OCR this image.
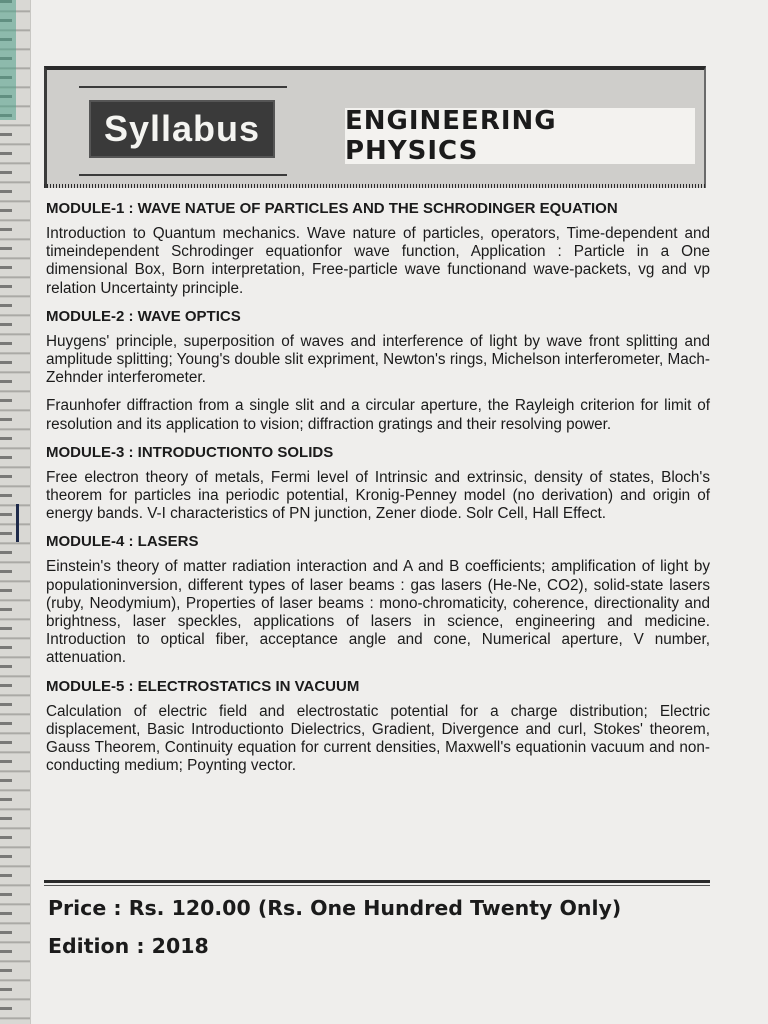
Syllabus	ENGINEERING PHYSICS
MODULE-1 : WAVE NATUE OF PARTICLES AND THE SCHRODINGER EQUATION

Introduction to Quantum mechanics. Wave nature of particles, operators, Time-dependent and timeindependent Schrodinger equationfor wave function, Application : Particle in a One dimensional Box, Born interpretation, Free-particle wave functionand wave-packets, vg and vp relation Uncertainty principle.

MODULE-2 : WAVE OPTICS

Huygens' principle, superposition of waves and interference of light by wave front splitting and amplitude splitting; Young's double slit expriment, Newton's rings, Michelson interferometer, Mach-Zehnder interferometer.

Fraunhofer diffraction from a single slit and a circular aperture, the Rayleigh criterion for limit of resolution and its application to vision; diffraction gratings and their resolving power.

MODULE-3 : INTRODUCTIONTO SOLIDS

Free electron theory of metals, Fermi level of Intrinsic and extrinsic, density of states, Bloch's theorem for particles ina periodic potential, Kronig-Penney model (no derivation) and origin of energy bands. V-I characteristics of PN junction, Zener diode. Solr Cell, Hall Effect.

MODULE-4 : LASERS

Einstein's theory of matter radiation interaction and A and B coefficients; amplification of light by populationinversion, different types of laser beams : gas lasers (He-Ne, CO2), solid-state lasers (ruby, Neodymium), Properties of laser beams : mono-chromaticity, coherence, directionality and brightness, laser speckles, applications of lasers in science, engineering and medicine. Introduction to optical fiber, acceptance angle and cone, Numerical aperture, V number, attenuation.

MODULE-5 : ELECTROSTATICS IN VACUUM

Calculation of electric field and electrostatic potential for a charge distribution; Electric displacement, Basic Introductionto Dielectrics, Gradient, Divergence and curl, Stokes' theorem, Gauss Theorem, Continuity equation for current densities, Maxwell's equationin vacuum and non-conducting medium; Poynting vector.

Price : Rs. 120.00 (Rs. One Hundred Twenty Only)
Edition : 2018
